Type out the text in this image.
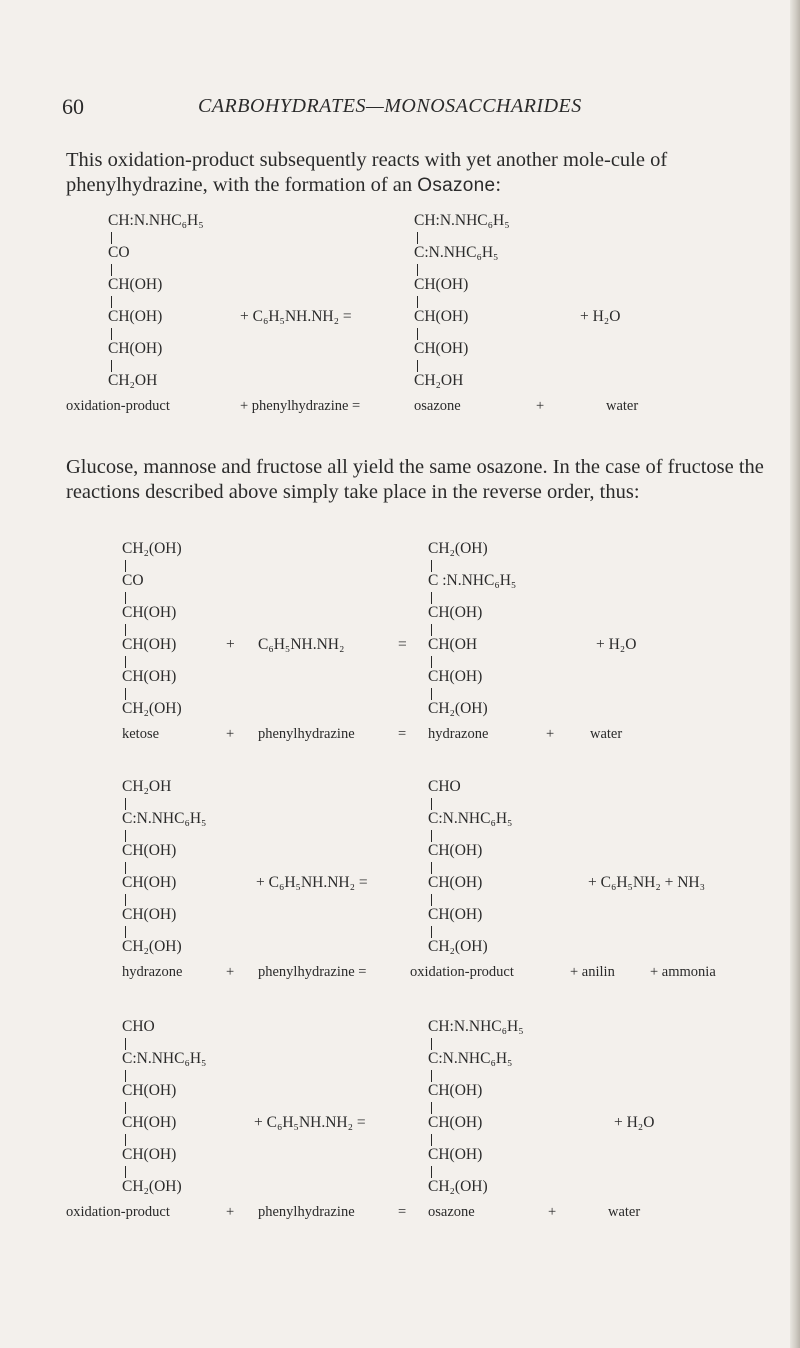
60	CARBOHYDRATES—MONOSACCHARIDES

This oxidation-product subsequently reacts with yet another mole-cule of phenylhydrazine, with the formation of an Osazone:

CH:N.NHC₆H₅
CO
CH(OH)
CH(OH)
CH(OH)
CH₂OH
+ C₆H₅NH.NH₂ =
CH:N.NHC₆H₅
C:N.NHC₆H₅
CH(OH)
CH(OH)
CH(OH)
CH₂OH
+ H₂O
oxidation-product	+ phenylhydrazine =	osazone	+	water

Glucose, mannose and fructose all yield the same osazone. In the case of fructose the reactions described above simply take place in the reverse order, thus:

CH₂(OH)
CO
CH(OH)
CH(OH)
CH(OH)
CH₂(OH)
+ C₆H₅NH.NH₂	=
CH₂(OH)
C :N.NHC₆H₅
CH(OH)
CH(OH
CH(OH)
CH₂(OH)
+ H₂O
ketose	+ phenylhydrazine	= hydrazone	+ water
CH₂OH
C:N.NHC₆H₅
CH(OH)
CH(OH)
CH(OH)
CH₂(OH)
+ C₆H₅NH.NH₂ =
CHO
C:N.NHC₆H₅
CH(OH)
CH(OH)
CH(OH)
CH₂(OH)
+ C₆H₅NH₂ + NH₃
hydrazone	+ phenylhydrazine =	oxidation-product	+ anilin + ammonia
CHO
C:N.NHC₆H₅
CH(OH)
CH(OH)
CH(OH)
CH₂(OH)
+ C₆H₅NH.NH₂ =
CH:N.NHC₆H₅
C:N.NHC₆H₅
CH(OH)
CH(OH)
CH(OH)
CH₂(OH)
+ H₂O
oxidation-product	+ phenylhydrazine	= osazone	+	water
